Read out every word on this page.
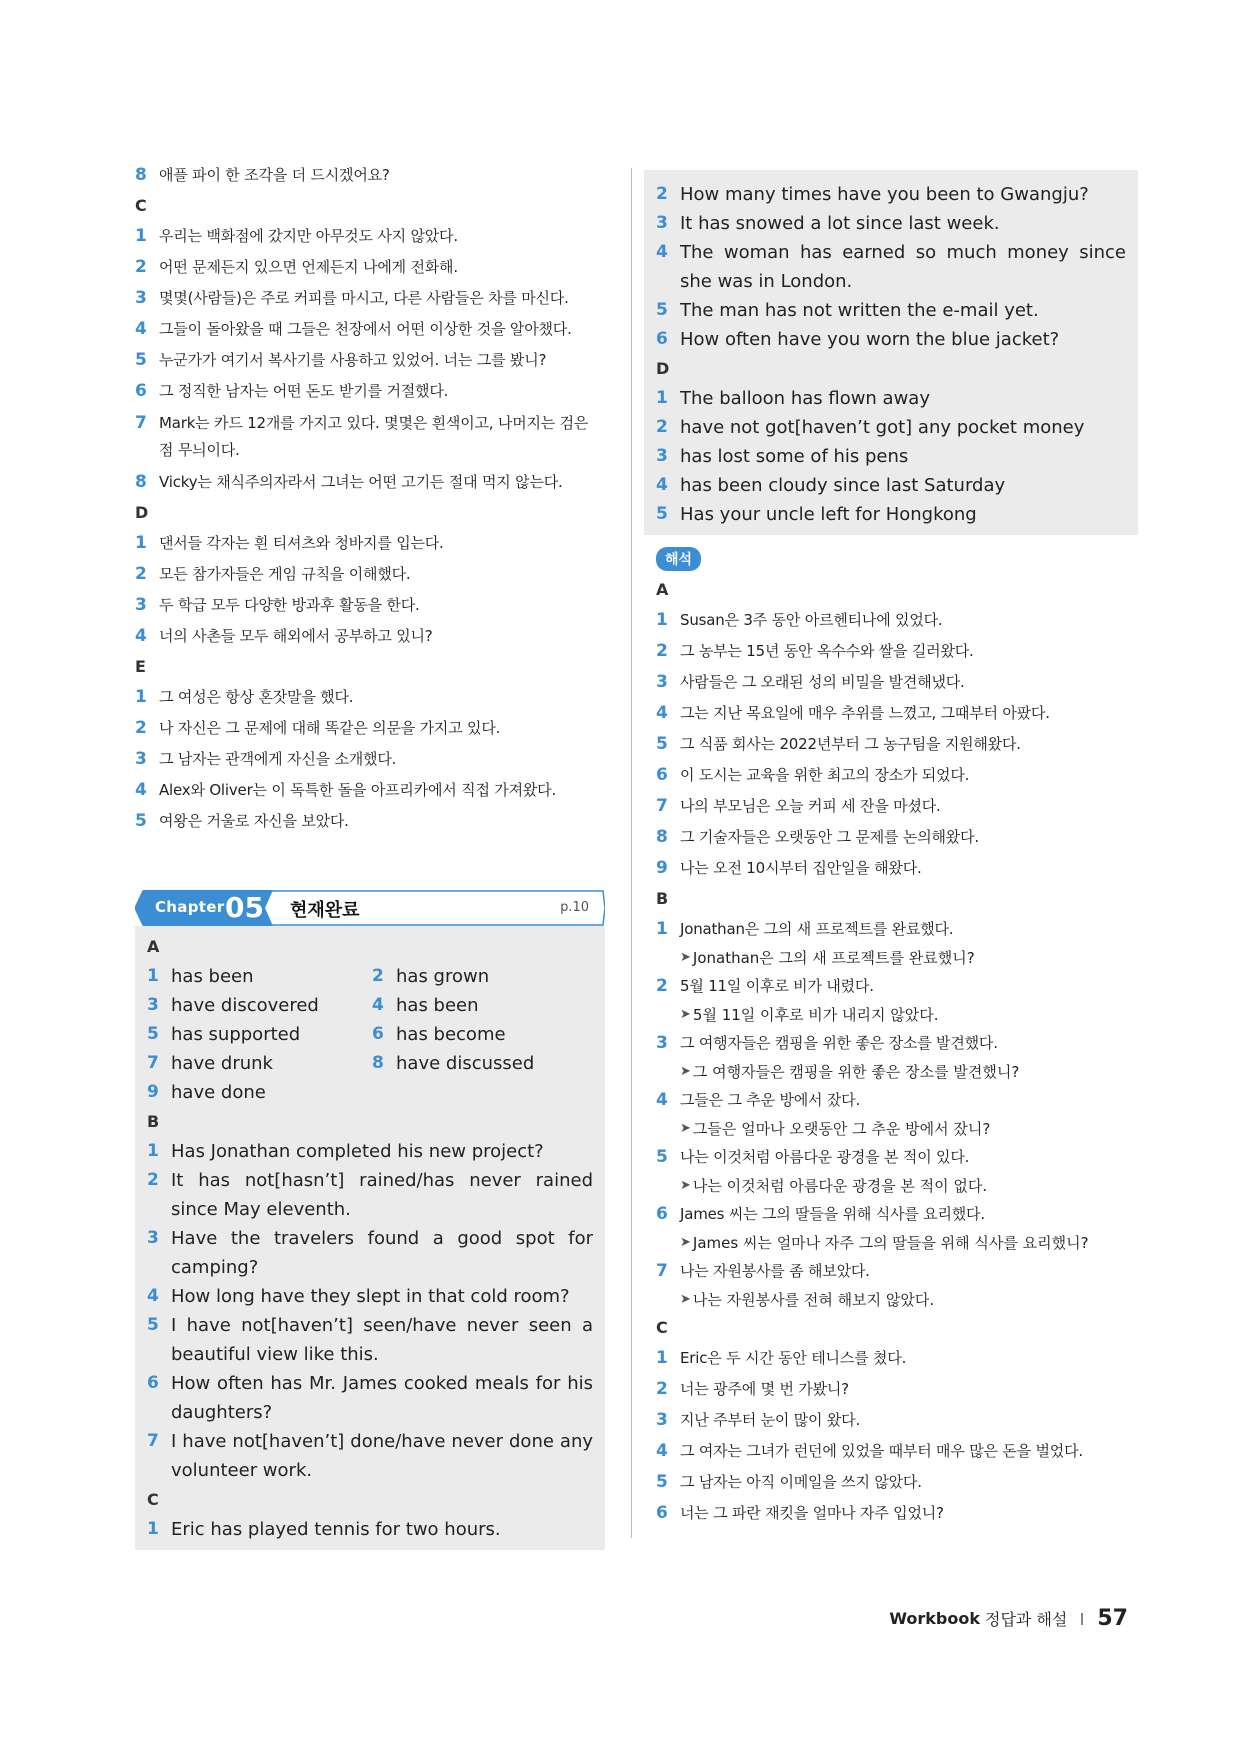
8 애플 파이 한 조각을 더 드시겠어요?
C
1 우리는 백화점에 갔지만 아무것도 사지 않았다.
2 어떤 문제든지 있으면 언제든지 나에게 전화해.
3 몇몇(사람들)은 주로 커피를 마시고, 다른 사람들은 차를 마신다.
4 그들이 돌아왔을 때 그들은 천장에서 어떤 이상한 것을 알아챘다.
5 누군가가 여기서 복사기를 사용하고 있었어. 너는 그를 봤니?
6 그 정직한 남자는 어떤 돈도 받기를 거절했다.
7 Mark는 카드 12개를 가지고 있다. 몇몇은 흰색이고, 나머지는 검은 점 무늬이다.
8 Vicky는 채식주의자라서 그녀는 어떤 고기든 절대 먹지 않는다.
D
1 댄서들 각자는 흰 티셔츠와 청바지를 입는다.
2 모든 참가자들은 게임 규칙을 이해했다.
3 두 학급 모두 다양한 방과후 활동을 한다.
4 너의 사촌들 모두 해외에서 공부하고 있니?
E
1 그 여성은 항상 혼잣말을 했다.
2 나 자신은 그 문제에 대해 똑같은 의문을 가지고 있다.
3 그 남자는 관객에게 자신을 소개했다.
4 Alex와 Oliver는 이 독특한 돌을 아프리카에서 직접 가져왔다.
5 여왕은 거울로 자신을 보았다.
Chapter 05 현재완료	p.10
A
1 has been	2 has grown
3 have discovered	4 has been
5 has supported	6 has become
7 have drunk	8 have discussed
9 have done
B
1 Has Jonathan completed his new project?
2 It has not[hasn’t] rained/has never rained since May eleventh.
3 Have the travelers found a good spot for camping?
4 How long have they slept in that cold room?
5 I have not[haven’t] seen/have never seen a beautiful view like this.
6 How often has Mr. James cooked meals for his daughters?
7 I have not[haven’t] done/have never done any volunteer work.
C
1 Eric has played tennis for two hours.
2 How many times have you been to Gwangju?
3 It has snowed a lot since last week.
4 The woman has earned so much money since she was in London.
5 The man has not written the e-mail yet.
6 How often have you worn the blue jacket?
D
1 The balloon has flown away
2 have not got[haven’t got] any pocket money
3 has lost some of his pens
4 has been cloudy since last Saturday
5 Has your uncle left for Hongkong
해석
A
1 Susan은 3주 동안 아르헨티나에 있었다.
2 그 농부는 15년 동안 옥수수와 쌀을 길러왔다.
3 사람들은 그 오래된 성의 비밀을 발견해냈다.
4 그는 지난 목요일에 매우 추위를 느꼈고, 그때부터 아팠다.
5 그 식품 회사는 2022년부터 그 농구팀을 지원해왔다.
6 이 도시는 교육을 위한 최고의 장소가 되었다.
7 나의 부모님은 오늘 커피 세 잔을 마셨다.
8 그 기술자들은 오랫동안 그 문제를 논의해왔다.
9 나는 오전 10시부터 집안일을 해왔다.
B
1 Jonathan은 그의 새 프로젝트를 완료했다.
➤ Jonathan은 그의 새 프로젝트를 완료했니?
2 5월 11일 이후로 비가 내렸다.
➤ 5월 11일 이후로 비가 내리지 않았다.
3 그 여행자들은 캠핑을 위한 좋은 장소를 발견했다.
➤ 그 여행자들은 캠핑을 위한 좋은 장소를 발견했니?
4 그들은 그 추운 방에서 잤다.
➤ 그들은 얼마나 오랫동안 그 추운 방에서 잤니?
5 나는 이것처럼 아름다운 광경을 본 적이 있다.
➤ 나는 이것처럼 아름다운 광경을 본 적이 없다.
6 James 씨는 그의 딸들을 위해 식사를 요리했다.
➤ James 씨는 얼마나 자주 그의 딸들을 위해 식사를 요리했니?
7 나는 자원봉사를 좀 해보았다.
➤ 나는 자원봉사를 전혀 해보지 않았다.
C
1 Eric은 두 시간 동안 테니스를 쳤다.
2 너는 광주에 몇 번 가봤니?
3 지난 주부터 눈이 많이 왔다.
4 그 여자는 그녀가 런던에 있었을 때부터 매우 많은 돈을 벌었다.
5 그 남자는 아직 이메일을 쓰지 않았다.
6 너는 그 파란 재킷을 얼마나 자주 입었니?
Workbook 정답과 해설 57
